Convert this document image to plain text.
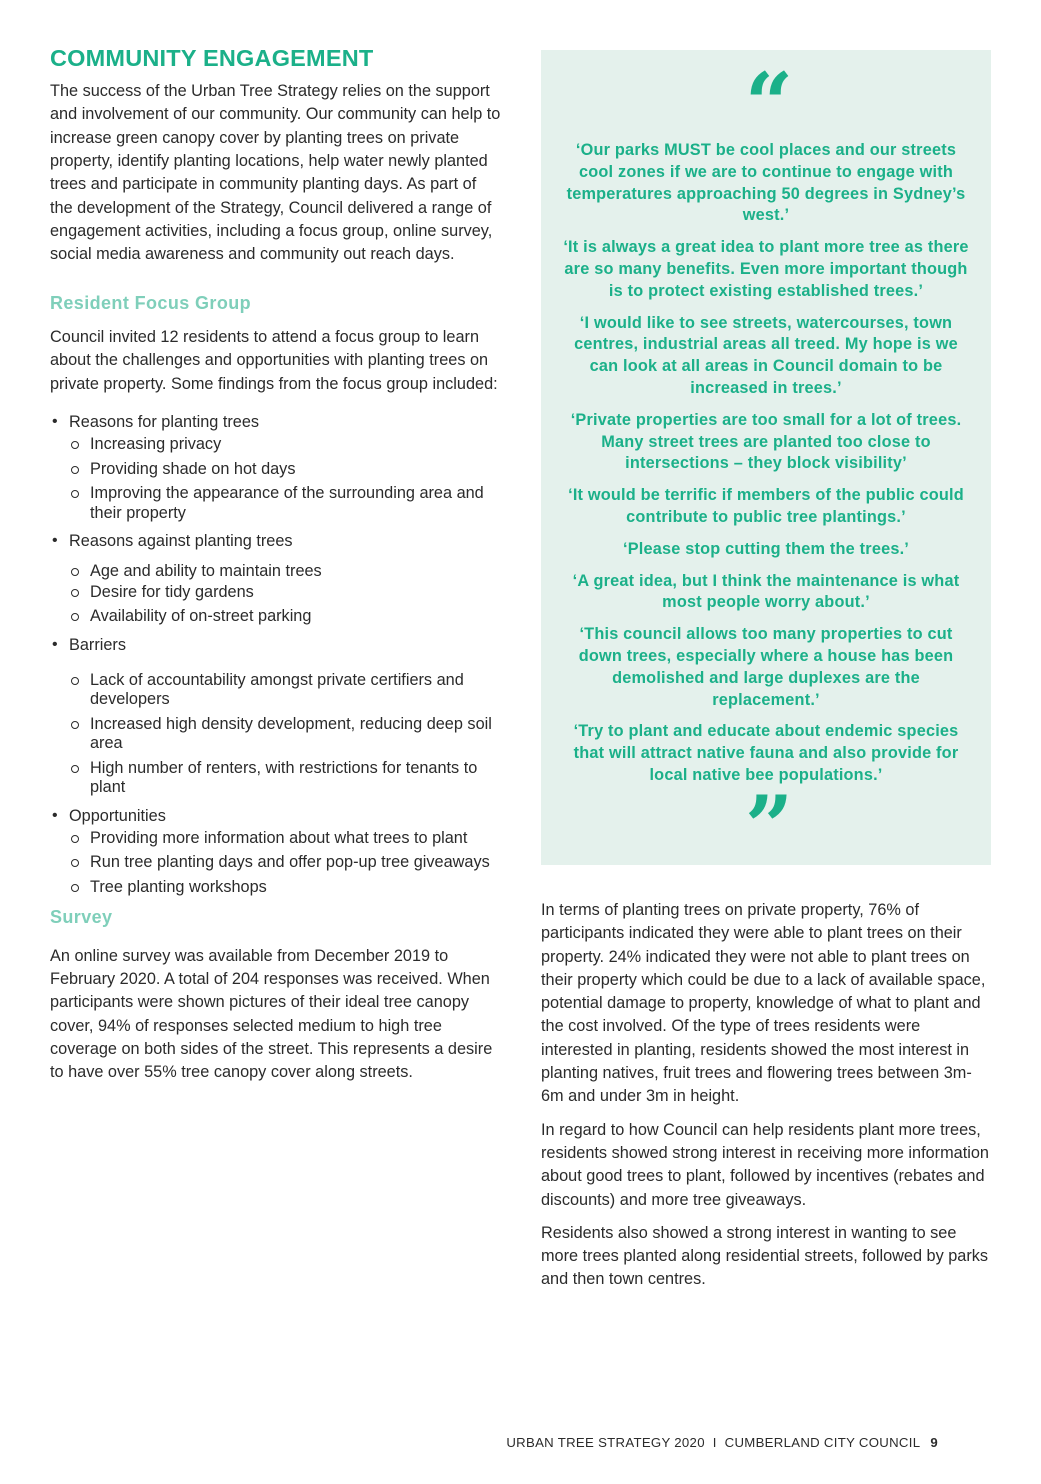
COMMUNITY ENGAGEMENT

The success of the Urban Tree Strategy relies on the support and involvement of our community. Our community can help to increase green canopy cover by planting trees on private property, identify planting locations, help water newly planted trees and participate in community planting days. As part of the development of the Strategy, Council delivered a range of engagement activities, including a focus group, online survey, social media awareness and community out reach days.

Resident Focus Group

Council invited 12 residents to attend a focus group to learn about the challenges and opportunities with planting trees on private property. Some findings from the focus group included:

• Reasons for planting trees
Increasing privacy
Providing shade on hot days
Improving the appearance of the surrounding area and their property
• Reasons against planting trees
Age and ability to maintain trees
Desire for tidy gardens
Availability of on-street parking
• Barriers
Lack of accountability amongst private certifiers and developers
Increased high density development, reducing deep soil area
High number of renters, with restrictions for tenants to plant
• Opportunities
Providing more information about what trees to plant
Run tree planting days and offer pop-up tree giveaways
Tree planting workshops
Survey

An online survey was available from December 2019 to February 2020. A total of 204 responses was received. When participants were shown pictures of their ideal tree canopy cover, 94% of responses selected medium to high tree coverage on both sides of the street. This represents a desire to have over 55% tree canopy cover along streets.

“

‘Our parks MUST be cool places and our streets cool zones if we are to continue to engage with temperatures approaching 50 degrees in Sydney’s west.’

‘It is always a great idea to plant more tree as there are so many benefits. Even more important though is to protect existing established trees.’

‘I would like to see streets, watercourses, town centres, industrial areas all treed. My hope is we can look at all areas in Council domain to be increased in trees.’

‘Private properties are too small for a lot of trees. Many street trees are planted too close to intersections – they block visibility’

‘It would be terrific if members of the public could contribute to public tree plantings.’

‘Please stop cutting them the trees.’

‘A great idea, but I think the maintenance is what most people worry about.’

‘This council allows too many properties to cut down trees, especially where a house has been demolished and large duplexes are the replacement.’

‘Try to plant and educate about endemic species that will attract native fauna and also provide for local native bee populations.’

”

In terms of planting trees on private property, 76% of participants indicated they were able to plant trees on their property. 24% indicated they were not able to plant trees on their property which could be due to a lack of available space, potential damage to property, knowledge of what to plant and the cost involved. Of the type of trees residents were interested in planting, residents showed the most interest in planting natives, fruit trees and flowering trees between 3m-6m and under 3m in height.

In regard to how Council can help residents plant more trees, residents showed strong interest in receiving more information about good trees to plant, followed by incentives (rebates and discounts) and more tree giveaways.

Residents also showed a strong interest in wanting to see more trees planted along residential streets, followed by parks and then town centres.

URBAN TREE STRATEGY 2020  I  CUMBERLAND CITY COUNCIL 9
